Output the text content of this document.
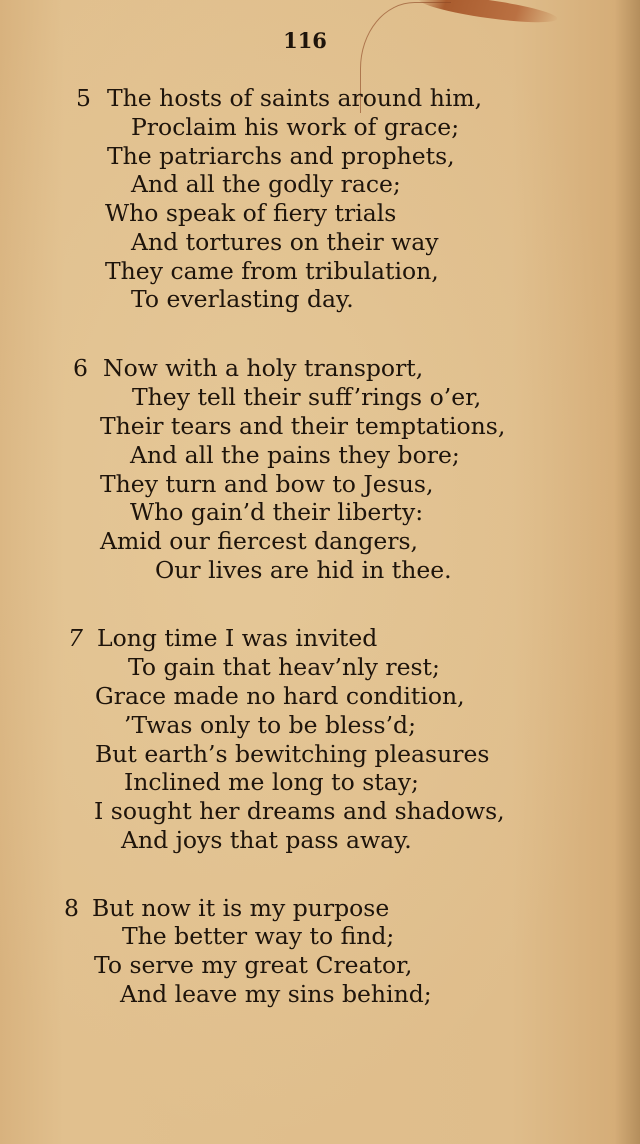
116
5 The hosts of saints around him,
Proclaim his work of grace;
The patriarchs and prophets,
And all the godly race;
Who speak of fiery trials
And tortures on their way
They came from tribulation,
To everlasting day.
6 Now with a holy transport,
They tell their suff’rings o’er,
Their tears and their temptations,
And all the pains they bore;
They turn and bow to Jesus,
Who gain’d their liberty:
Amid our fiercest dangers,
Our lives are hid in thee.
7 Long time I was invited
To gain that heav’nly rest;
Grace made no hard condition,
’Twas only to be bless’d;
But earth’s bewitching pleasures
Inclined me long to stay;
I sought her dreams and shadows,
And joys that pass away.
8 But now it is my purpose
The better way to find;
To serve my great Creator,
And leave my sins behind;
